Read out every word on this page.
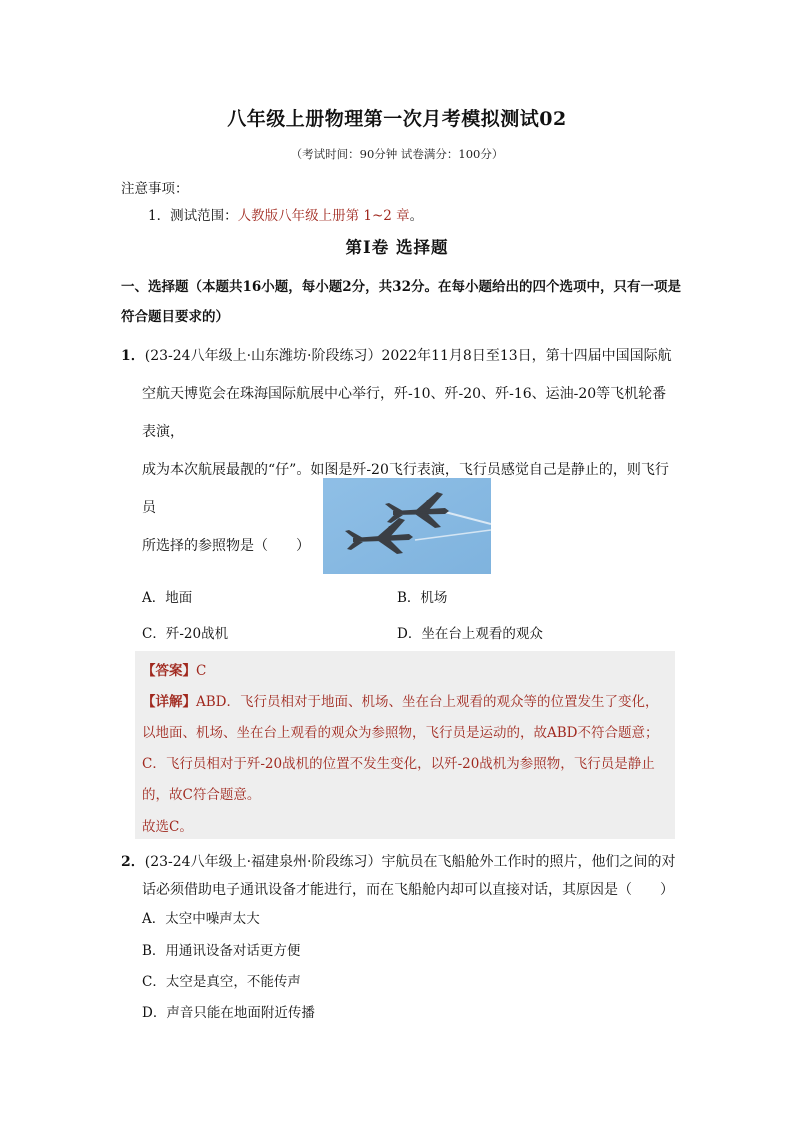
八年级上册物理第一次月考模拟测试02
（考试时间：90分钟 试卷满分：100分）
注意事项：
1．测试范围：人教版八年级上册第 1~2 章。
第Ⅰ卷 选择题
一、选择题（本题共16小题，每小题2分，共32分。在每小题给出的四个选项中，只有一项是符合题目要求的）
1．(23-24八年级上·山东潍坊·阶段练习）2022年11月8日至13日，第十四届中国国际航
空航天博览会在珠海国际航展中心举行，歼-10、歼-20、歼-16、运油-20等飞机轮番表演，
成为本次航展最靓的“仔”。如图是歼-20飞行表演，飞行员感觉自己是静止的，则飞行员
所选择的参照物是（　　）
A．地面	B．机场
C．歼-20战机	D．坐在台上观看的观众
【答案】C
【详解】ABD．飞行员相对于地面、机场、坐在台上观看的观众等的位置发生了变化，
以地面、机场、坐在台上观看的观众为参照物，飞行员是运动的，故ABD不符合题意；
C．飞行员相对于歼-20战机的位置不发生变化，以歼-20战机为参照物，飞行员是静止
的，故C符合题意。
故选C。
2．(23-24八年级上·福建泉州·阶段练习）宇航员在飞船舱外工作时的照片，他们之间的对
话必须借助电子通讯设备才能进行，而在飞船舱内却可以直接对话，其原因是（　　）
A．太空中噪声太大
B．用通讯设备对话更方便
C．太空是真空，不能传声
D．声音只能在地面附近传播
